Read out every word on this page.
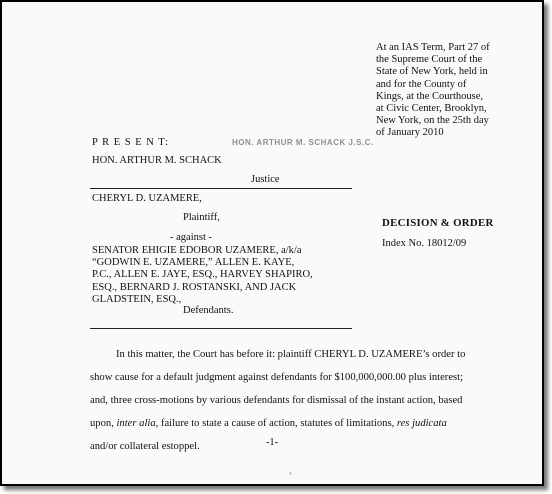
At an IAS Term, Part 27 of
the Supreme Court of the
State of New York, held in
and for the County of
Kings, at the Courthouse,
at Civic Center, Brooklyn,
New York, on the 25th day
of January 2010
P R E S E N T:	HON. ARTHUR M. SCHACK J.S.C.
HON. ARTHUR M. SCHACK
Justice
CHERYL D. UZAMERE,
Plaintiff,
- against -
SENATOR EHIGIE EDOBOR UZAMERE, a/k/a
“GODWIN E. UZAMERE,” ALLEN E. KAYE,
P.C., ALLEN E. JAYE, ESQ., HARVEY SHAPIRO,
ESQ., BERNARD J. ROSTANSKI, AND JACK
GLADSTEIN, ESQ.,
Defendants.
DECISION & ORDER
Index No. 18012/09
In this matter, the Court has before it: plaintiff CHERYL D. UZAMERE’s order to
show cause for a default judgment against defendants for $100,000,000.00 plus interest;
and, three cross-motions by various defendants for dismissal of the instant action, based
upon, inter alia, failure to state a cause of action, statutes of limitations, res judicata
and/or collateral estoppel.	-1-
